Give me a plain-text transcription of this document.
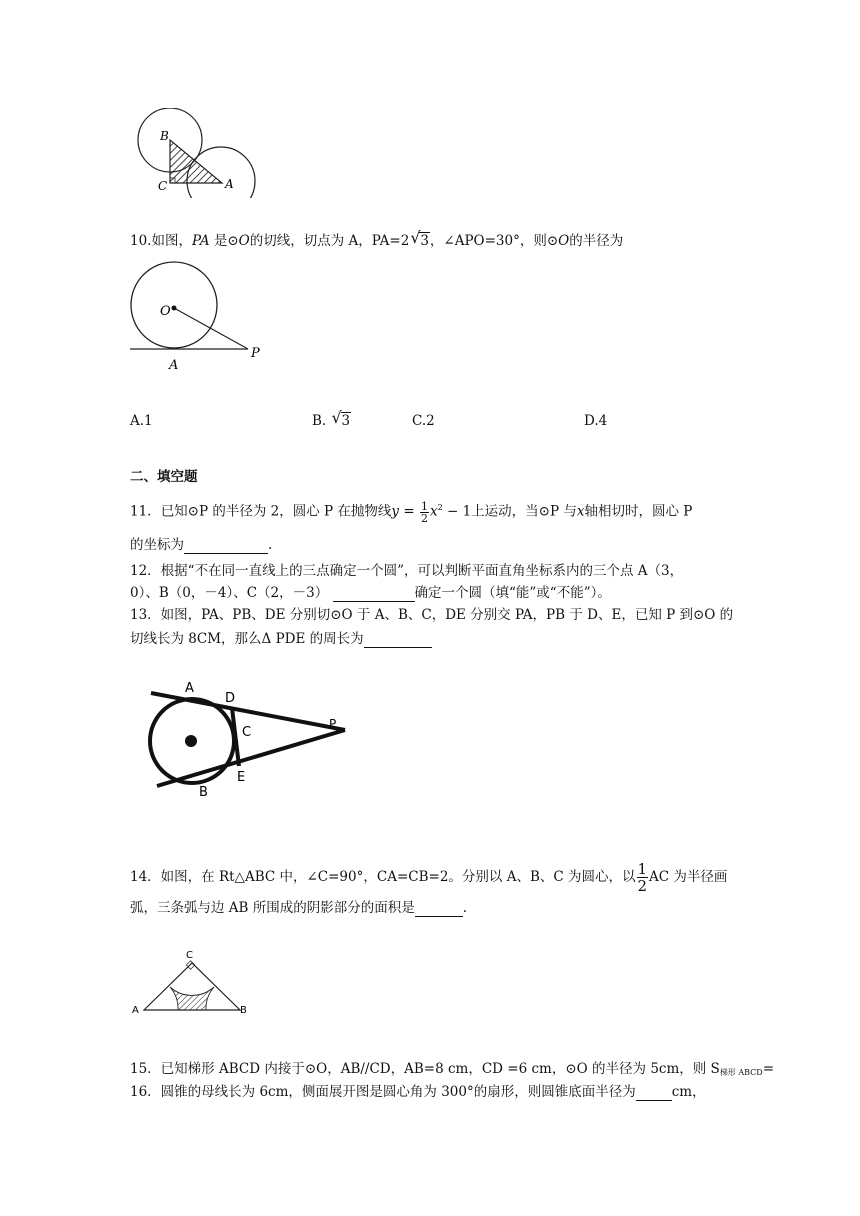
B
C	A
10.如图，PA 是⊙O的切线，切点为 A，PA=2 √ 3，∠APO=30°，则⊙O的半径为
O
A
P
A.1	B. √ 3	C.2	D.4
二、填空题
11．已知⊙P 的半径为 2，圆心 P 在抛物线$y = \frac{1}{2} x^2 - 1$上运动，当⊙P 与x轴相切时，圆心 P
的坐标为	.
12．根据“不在同一直线上的三点确定一个圆”，可以判断平面直角坐标系内的三个点 A（3，
0）、B（0，－4）、C（2，－3）	确定一个圆（填“能”或“不能”）。
13．如图，PA、PB、DE 分别切⊙O 于 A、B、C，DE 分别交 PA，PB 于 D、E，已知 P 到⊙O 的
切线长为 8CM，那么Δ PDE 的周长为
A
D
C
P
E
B
14．如图，在 Rt△ABC 中，∠C=90°，CA=CB=2。分别以 A、B、C 为圆心，以 $\frac{1}{2}$ AC 为半径画
弧，三条弧与边 AB 所围成的阴影部分的面积是	.
C
A	B
15．已知梯形 ABCD 内接于⊙O，AB//CD，AB=8 cm，CD =6 cm，⊙O 的半径为 5cm，则 $S_{梯形 ABCD}=$
16．圆锥的母线长为 6cm，侧面展开图是圆心角为 300°的扇形，则圆锥底面半径为	cm，
